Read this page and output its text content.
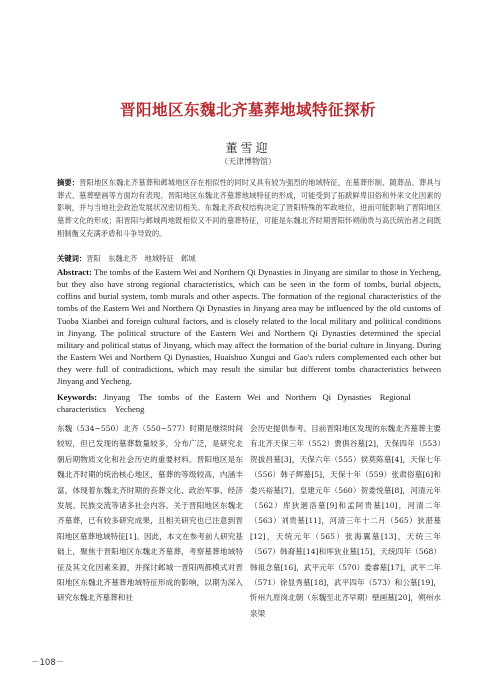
晋阳地区东魏北齐墓葬地域特征探析
董雪迎
（天津博物馆）
摘要：晋阳地区东魏北齐墓葬和邺城地区存在相似性的同时又具有较为强烈的地域特征，在墓葬形制、随葬品、葬具与葬式、墓葬壁画等方面均有表现。晋阳地区东魏北齐墓葬地域特征的形成，可能受到了拓跋鲜卑旧俗和外来文化因素的影响，并与当地社会政治发展状况密切相关。东魏北齐政权结构决定了晋阳特殊的军政地位，进而可能影响了晋阳地区墓葬文化的形成；阳晋阳与邺城两地既相似又不同的墓葬特征，可能是东魏北齐时期晋阳怀朔勋贵与高氏统治者之间既相制衡又充满矛盾和斗争导致的。
关键词：晋阳　东魏北齐　地域特征　邺城
Abstract: The tombs of the Eastern Wei and Northern Qi Dynasties in Jinyang are similar to those in Yecheng, but they also have strong regional characteristics, which can be seen in the form of tombs, burial objects, coffins and burial system, tomb murals and other aspects. The formation of the regional characteristics of the tombs of the Eastern Wei and Northern Qi Dynasties in Jinyang area may be influenced by the old customs of Tuoba Xianbei and foreign cultural factors, and is closely related to the local military and political conditions in Jinyang. The political structure of the Eastern Wei and Northern Qi Dynasties determined the special military and political status of Jinyang, which may affect the formation of the burial culture in Jinyang. During the Eastern Wei and Northern Qi Dynasties, Huaishuo Xungui and Gao's rulers complemented each other but they were full of contradictions, which may result the similar but different tombs characteristics between Jinyang and Yecheng.
Keywords: Jinyang　The tombs of the Eastern Wei and Northern Qi Dynasties　Regional characteristics　Yecheng
东魏（534~550）北齐（550~577）时期是继续时间较短，但已发现的墓葬数量较多，分布广泛，是研究北朝后期物质文化和社会历史的重要材料。晋阳地区是东魏北齐时期的统治核心地区，墓葬的等级较高，内涵丰富，体现着东魏北齐时期的丧葬文化、政治军事、经济发展、民族交流等诸多社会内容。关于晋阳地区东魏北齐墓葬，已有较多研究成果，且相关研究也已注意到晋阳地区墓葬地域特征[1]。因此，本文在参考前人研究基础上，聚焦于晋阳地区东魏北齐墓葬，考察墓葬地域特征及其文化因素来源，并探讨邺城一晋阳两都模式对晋阳地区东魏北齐墓葬地域特征形成的影响，以期为深入研究东魏北齐墓葬和社
会历史提供参考。目前晋阳地区发现的东魏北齐墓葬主要有北齐天保三年（552）贾俱谷墓[2]，天保四年（553）贺拔昌墓[3]，天保六年（555）侯莫陈墓[4]，天保七年（556）韩子辉墓[5]，天保十年（559）张肃俗墓[6]和娄兴裕墓[7]，皇建元年（560）贺娄悦墓[8]，河清元年（562）库狄迴洛墓[9]和孟阿贵墓[10]，河清二年（563）刘贵墓[11]，河清三年十二月（565）狄湛墓[12]，天统元年（565）张海翼墓[13]，天统三年（567）韩裔墓[14]和厍狄业墓[15]，天统四年（568）韩祖念墓[16]，武平元年（570）娄睿墓[17]，武平二年（571）徐显秀墓[18]，武平四年（573）和公墓[19]，忻州九原岗北朝（东魏至北齐早期）壁画墓[20]，朔州水泉梁
－108－
